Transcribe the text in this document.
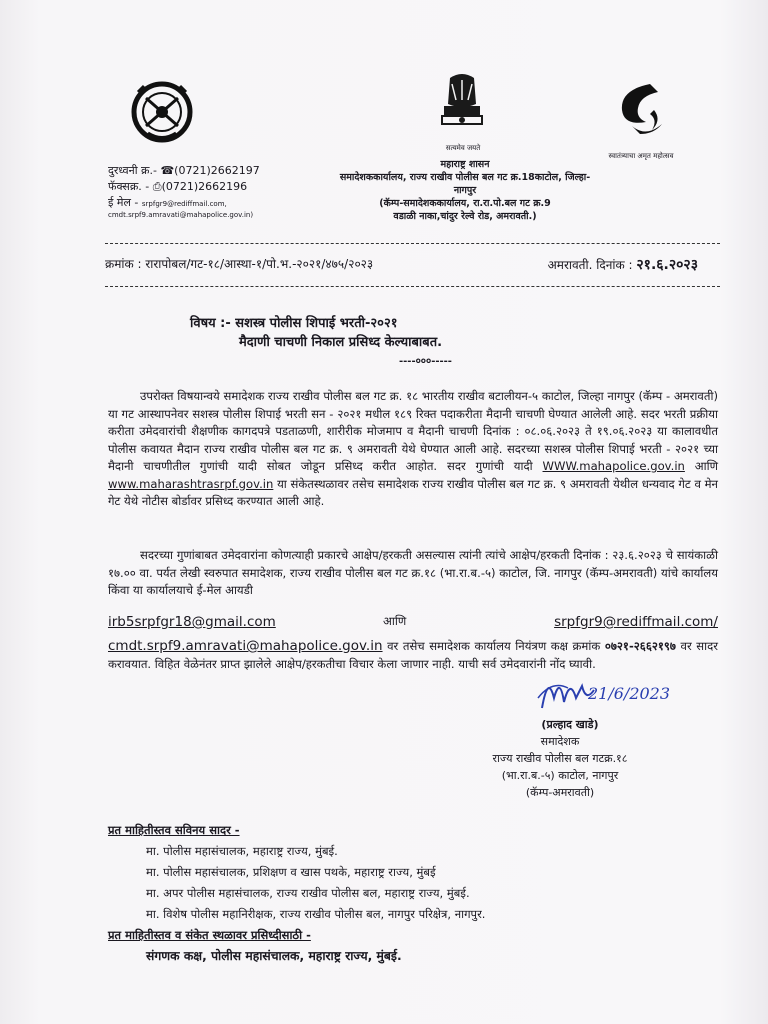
सत्यमेव जयते
स्वातंत्र्याचा अमृत महोत्सव
दुरध्वनी क्र.- ☎(0721)2662197
फॅक्सक्र. - ⎙(0721)2662196
ई मेल - srpfgr9@rediffmail.com,
cmdt.srpf9.amravati@mahapolice.gov.in)
महाराष्ट्र शासन
समादेशककार्यालय, राज्य राखीव पोलीस बल गट क्र.18काटोल, जिल्हा-
नागपुर
(कॅम्प-समादेशककार्यालय, रा.रा.पो.बल गट क्र.9
वडाळी नाका,चांदुर रेल्वे रोड, अमरावती.)
क्रमांक : रारापोबल/गट-१८/आस्था-१/पो.भ.-२०२१/४७५/२०२३	अमरावती. दिनांक : २१.६.२०२३
विषय :- सशस्त्र पोलीस शिपाई भरती-२०२१
मैदाणी चाचणी निकाल प्रसिध्द केल्याबाबत.
----०००-----

उपरोक्त विषयान्वये समादेशक राज्य राखीव पोलीस बल गट क्र. १८ भारतीय राखीव बटालीयन-५ काटोल, जिल्हा नागपुर (कॅम्प - अमरावती) या गट आस्थापनेवर सशस्त्र पोलीस शिपाई भरती सन - २०२१ मधील १८९ रिक्त पदाकरीता मैदानी चाचणी घेण्यात आलेली आहे. सदर भरती प्रक्रीया करीता उमेदवारांची शैक्षणीक कागदपत्रे पडताळणी, शारीरीक मोजमाप व मैदानी चाचणी दिनांक : ०८.०६.२०२३ ते १९.०६.२०२३ या कालावधीत पोलीस कवायत मैदान राज्य राखीव पोलीस बल गट क्र. ९ अमरावती येथे घेण्यात आली आहे. सदरच्या सशस्त्र पोलीस शिपाई भरती - २०२१ च्या मैदानी चाचणीतील गुणांची यादी सोबत जोडून प्रसिध्द करीत आहोत. सदर गुणांची यादी WWW.mahapolice.gov.in आणि www.maharashtrasrpf.gov.in या संकेतस्थळावर तसेच समादेशक राज्य राखीव पोलीस बल गट क्र. ९ अमरावती येथील धन्यवाद गेट व मेन गेट येथे नोटीस बोर्डावर प्रसिध्द करण्यात आली आहे.

सदरच्या गुणांबाबत उमेदवारांना कोणत्याही प्रकारचे आक्षेप/हरकती असल्यास त्यांनी त्यांचे आक्षेप/हरकती दिनांक : २३.६.२०२३ चे सायंकाळी १७.०० वा. पर्यत लेखी स्वरुपात समादेशक, राज्य राखीव पोलीस बल गट क्र.१८ (भा.रा.ब.-५) काटोल, जि. नागपुर (कॅम्प-अमरावती) यांचे कार्यालय किंवा या कार्यालयाचे ई-मेल आयडी

irb5srpfgr18@gmail.com	आणि	srpfgr9@rediffmail.com/
cmdt.srpf9.amravati@mahapolice.gov.in वर तसेच समादेशक कार्यालय नियंत्रण कक्ष क्रमांक ०७२१-२६६२१९७ वर सादर करावयात. विहित वेळेनंतर प्राप्त झालेले आक्षेप/हरकतीचा विचार केला जाणार नाही. याची सर्व उमेदवारांनी नोंद घ्यावी.
21/6/2023
(प्रल्हाद खाडे)
समादेशक
राज्य राखीव पोलीस बल गटक्र.१८
(भा.रा.ब.-५) काटोल, नागपुर
(कॅम्प-अमरावती)
प्रत माहितीस्तव सविनय सादर -
मा. पोलीस महासंचालक, महाराष्ट्र राज्य, मुंबई.
मा. पोलीस महासंचालक, प्रशिक्षण व खास पथके, महाराष्ट्र राज्य, मुंबई
मा. अपर पोलीस महासंचालक, राज्य राखीव पोलीस बल, महाराष्ट्र राज्य, मुंबई.
मा. विशेष पोलीस महानिरीक्षक, राज्य राखीव पोलीस बल, नागपुर परिक्षेत्र, नागपुर.
प्रत माहितीस्तव व संकेत स्थळावर प्रसिध्दीसाठी -
संगणक कक्ष, पोलीस महासंचालक, महाराष्ट्र राज्य, मुंबई.
